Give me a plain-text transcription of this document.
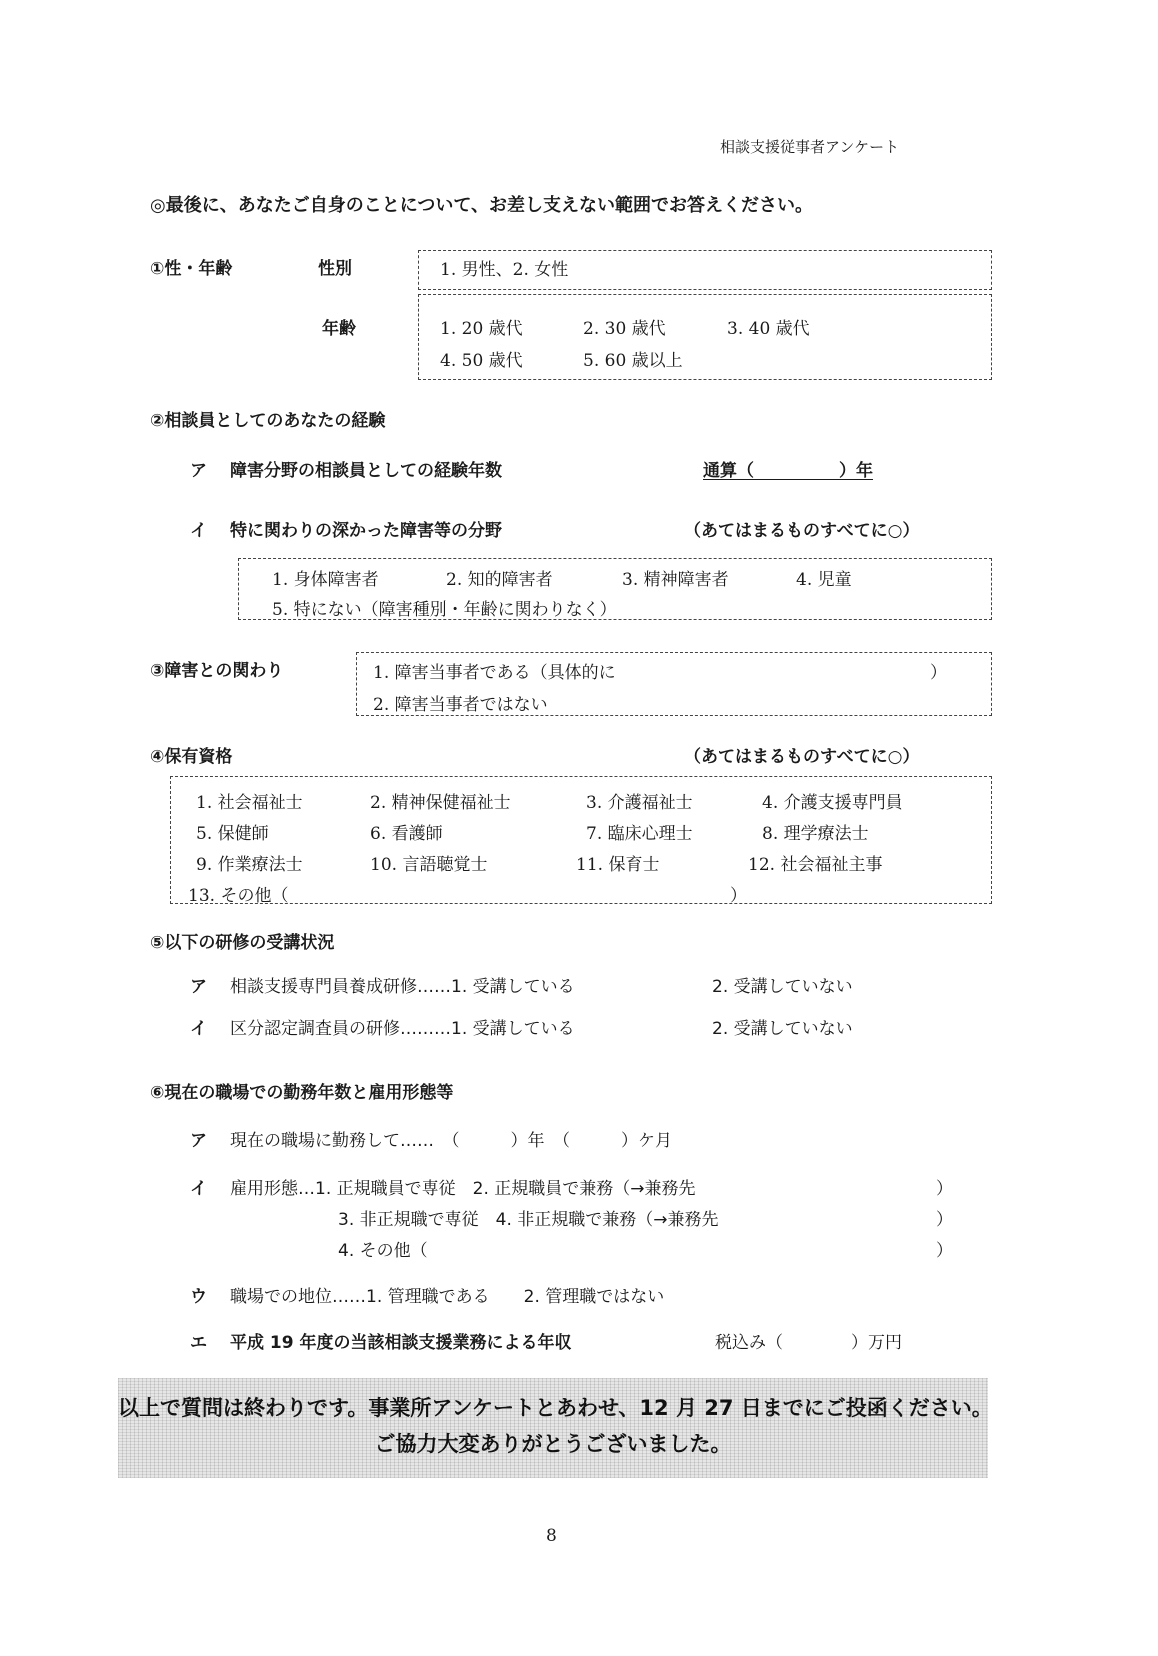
相談支援従事者アンケート
◎最後に、あなたご自身のことについて、お差し支えない範囲でお答えください。
①性・年齢	性別	1. 男性、2. 女性
年齢	1. 20 歳代	2. 30 歳代	3. 40 歳代
4. 50 歳代	5. 60 歳以上
②相談員としてのあなたの経験
ア 障害分野の相談員としての経験年数	通算（　　　　　）年
イ 特に関わりの深かった障害等の分野	（あてはまるものすべてに○）
1. 身体障害者	2. 知的障害者	3. 精神障害者	4. 児童
5. 特にない（障害種別・年齢に関わりなく）
③障害との関わり	1. 障害当事者である（具体的に	）
2. 障害当事者ではない
④保有資格	（あてはまるものすべてに○）
1. 社会福祉士	2. 精神保健福祉士	3. 介護福祉士	4. 介護支援専門員
5. 保健師	6. 看護師	7. 臨床心理士	8. 理学療法士
9. 作業療法士	10. 言語聴覚士	11. 保育士	12. 社会福祉主事
13. その他（	）
⑤以下の研修の受講状況
ア 相談支援専門員養成研修……1. 受講している	2. 受講していない
イ 区分認定調査員の研修………1. 受講している	2. 受講していない
⑥現在の職場での勤務年数と雇用形態等
ア 現在の職場に勤務して……　（　　　）年　（　　　）ケ月
イ 雇用形態…1. 正規職員で専従　2. 正規職員で兼務（→兼務先	）
3. 非正規職で専従　4. 非正規職で兼務（→兼務先	）
4. その他（	）
ウ 職場での地位……1. 管理職である　　2. 管理職ではない
エ 平成 19 年度の当該相談支援業務による年収	税込み（　　　　）万円
以上で質問は終わりです。事業所アンケートとあわせ、12 月 27 日までにご投函ください。
ご協力大変ありがとうございました。
8
